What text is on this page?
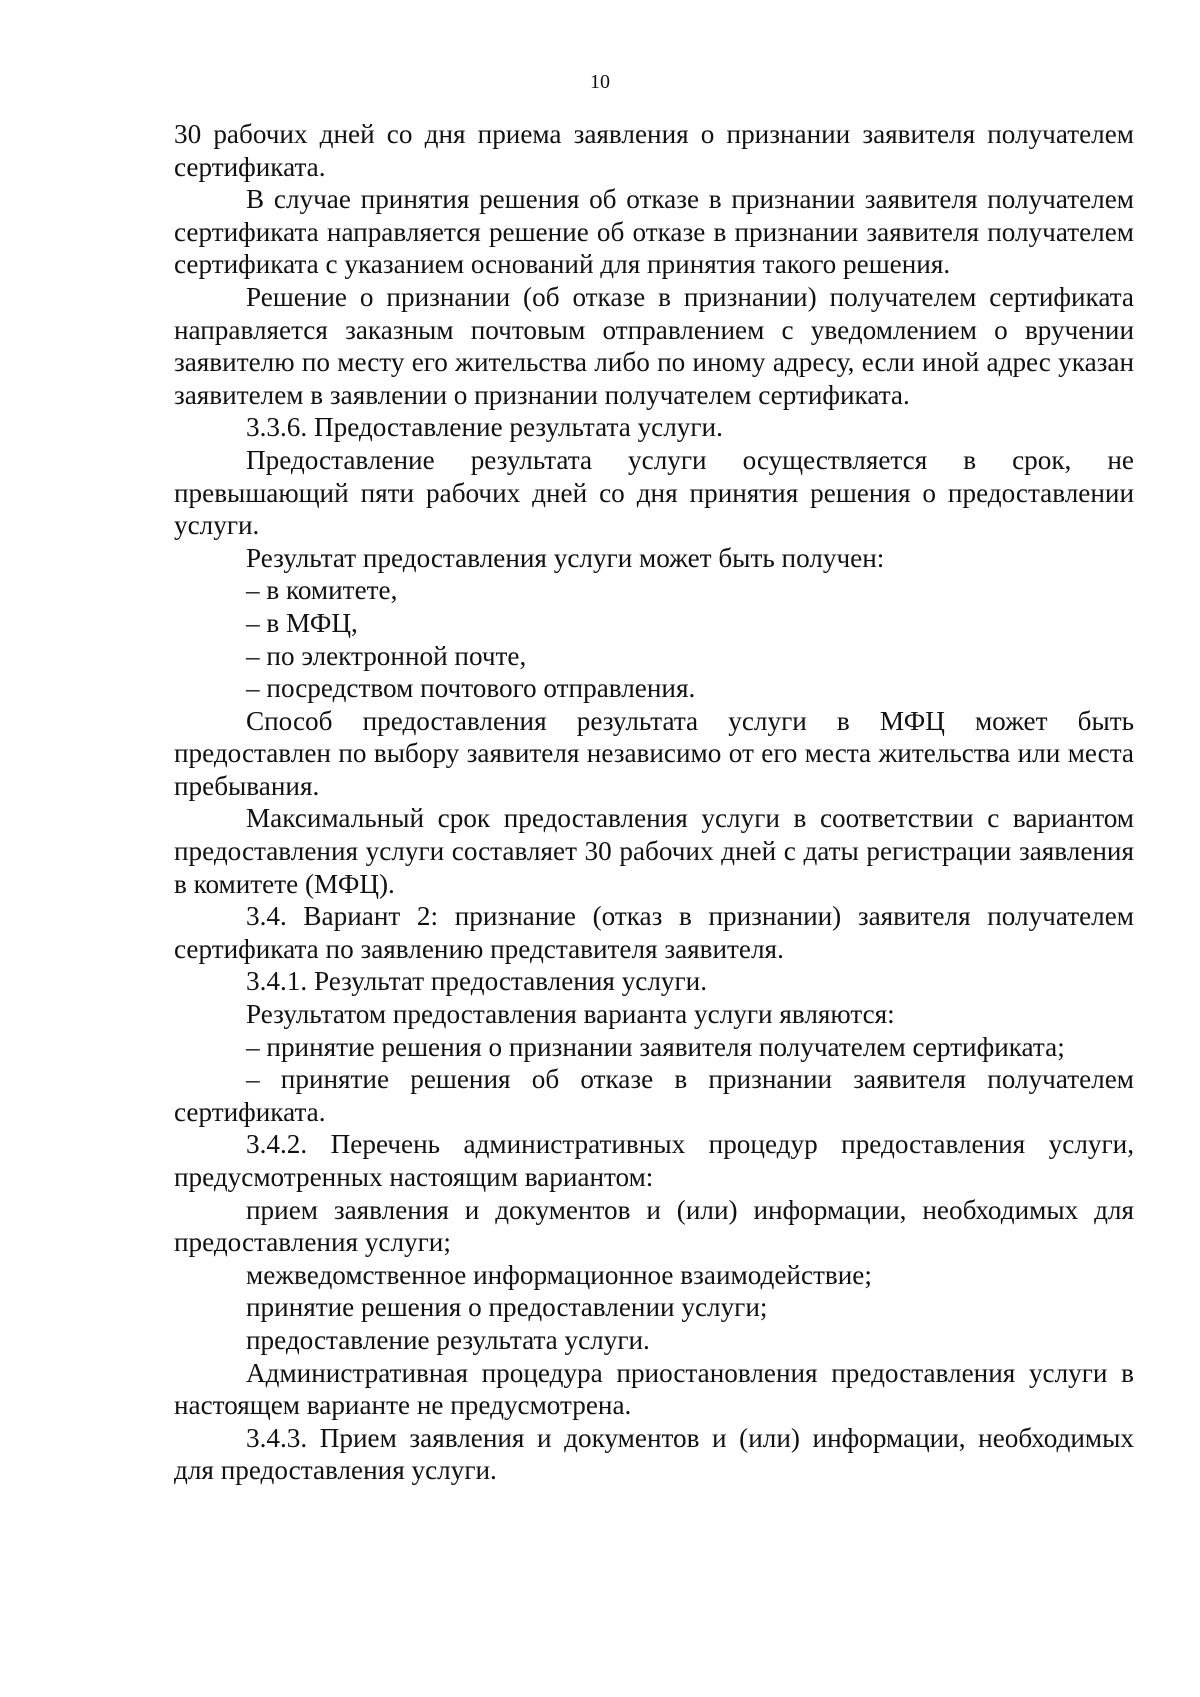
10

30 рабочих дней со дня приема заявления о признании заявителя получателем сертификата.

В случае принятия решения об отказе в признании заявителя получателем сертификата направляется решение об отказе в признании заявителя получателем сертификата с указанием оснований для принятия такого решения.

Решение о признании (об отказе в признании) получателем сертификата направляется заказным почтовым отправлением с уведомлением о вручении заявителю по месту его жительства либо по иному адресу, если иной адрес указан заявителем в заявлении о признании получателем сертификата.

3.3.6. Предоставление результата услуги.

Предоставление результата услуги осуществляется в срок, не превышающий пяти рабочих дней со дня принятия решения о предоставлении услуги.

Результат предоставления услуги может быть получен:

– в комитете,

– в МФЦ,

– по электронной почте,

– посредством почтового отправления.

Способ предоставления результата услуги в МФЦ может быть предоставлен по выбору заявителя независимо от его места жительства или места пребывания.

Максимальный срок предоставления услуги в соответствии с вариантом предоставления услуги составляет 30 рабочих дней с даты регистрации заявления в комитете (МФЦ).

3.4. Вариант 2: признание (отказ в признании) заявителя получателем сертификата по заявлению представителя заявителя.

3.4.1. Результат предоставления услуги.

Результатом предоставления варианта услуги являются:

– принятие решения о признании заявителя получателем сертификата;

– принятие решения об отказе в признании заявителя получателем сертификата.

3.4.2. Перечень административных процедур предоставления услуги, предусмотренных настоящим вариантом:

прием заявления и документов и (или) информации, необходимых для предоставления услуги;

межведомственное информационное взаимодействие;

принятие решения о предоставлении услуги;

предоставление результата услуги.

Административная процедура приостановления предоставления услуги в настоящем варианте не предусмотрена.

3.4.3. Прием заявления и документов и (или) информации, необходимых для предоставления услуги.
